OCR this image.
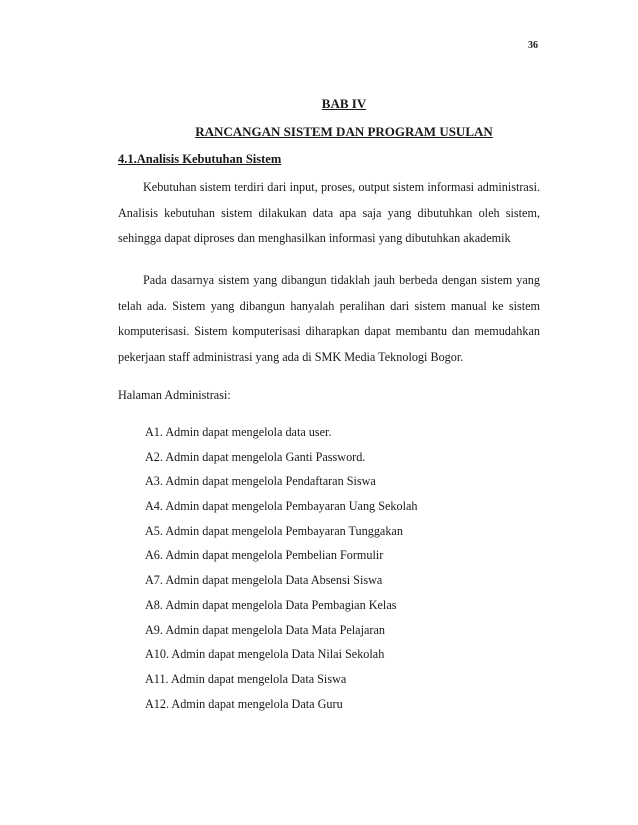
36
BAB IV
RANCANGAN SISTEM DAN PROGRAM USULAN
4.1.Analisis Kebutuhan Sistem

Kebutuhan sistem terdiri dari input, proses, output sistem informasi administrasi. Analisis kebutuhan sistem dilakukan data apa saja yang dibutuhkan oleh sistem, sehingga dapat diproses dan menghasilkan informasi yang dibutuhkan akademik

Pada dasarnya sistem yang dibangun tidaklah jauh berbeda dengan sistem yang telah ada. Sistem yang dibangun hanyalah peralihan dari sistem manual ke sistem komputerisasi. Sistem komputerisasi diharapkan dapat membantu dan memudahkan pekerjaan staff administrasi yang ada di SMK Media Teknologi Bogor.

Halaman Administrasi:
A1. Admin dapat mengelola data user.
A2. Admin dapat mengelola Ganti Password.
A3. Admin dapat mengelola Pendaftaran Siswa
A4. Admin dapat mengelola Pembayaran Uang Sekolah
A5. Admin dapat mengelola Pembayaran Tunggakan
A6. Admin dapat mengelola Pembelian Formulir
A7. Admin dapat mengelola Data Absensi Siswa
A8. Admin dapat mengelola Data Pembagian Kelas
A9. Admin dapat mengelola Data Mata Pelajaran
A10. Admin dapat mengelola Data Nilai Sekolah
A11. Admin dapat mengelola Data Siswa
A12. Admin dapat mengelola Data Guru
